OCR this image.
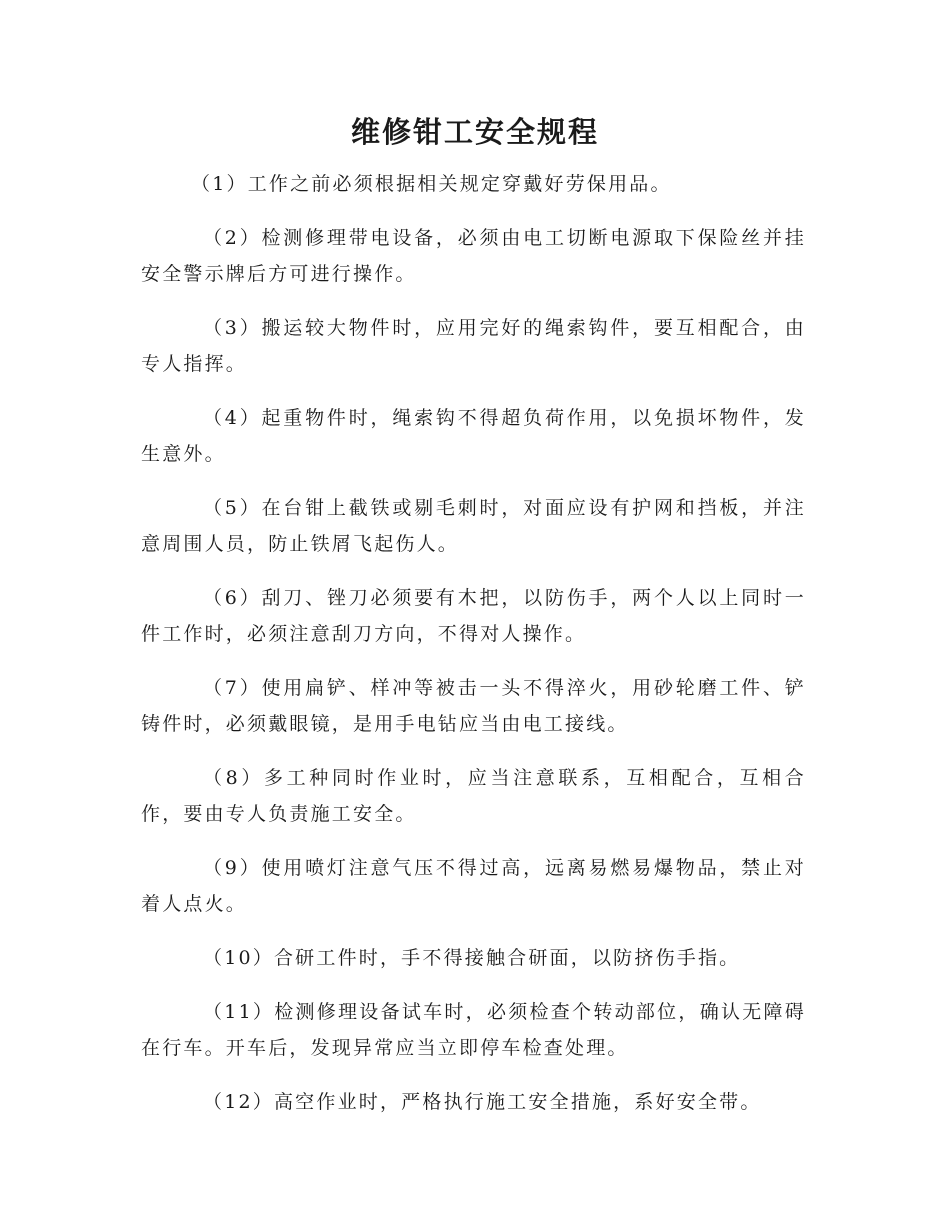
维修钳工安全规程
（1）工作之前必须根据相关规定穿戴好劳保用品。
（2）检测修理带电设备，必须由电工切断电源取下保险丝并挂安全警示牌后方可进行操作。
（3）搬运较大物件时，应用完好的绳索钩件，要互相配合，由专人指挥。
（4）起重物件时，绳索钩不得超负荷作用，以免损坏物件，发生意外。
（5）在台钳上截铁或剔毛刺时，对面应设有护网和挡板，并注意周围人员，防止铁屑飞起伤人。
（6）刮刀、锉刀必须要有木把，以防伤手，两个人以上同时一件工作时，必须注意刮刀方向，不得对人操作。
（7）使用扁铲、样冲等被击一头不得淬火，用砂轮磨工件、铲铸件时，必须戴眼镜，是用手电钻应当由电工接线。
（8）多工种同时作业时，应当注意联系，互相配合，互相合作，要由专人负责施工安全。
（9）使用喷灯注意气压不得过高，远离易燃易爆物品，禁止对着人点火。
（10）合研工件时，手不得接触合研面，以防挤伤手指。
（11）检测修理设备试车时，必须检查个转动部位，确认无障碍在行车。开车后，发现异常应当立即停车检查处理。
（12）高空作业时，严格执行施工安全措施，系好安全带。
